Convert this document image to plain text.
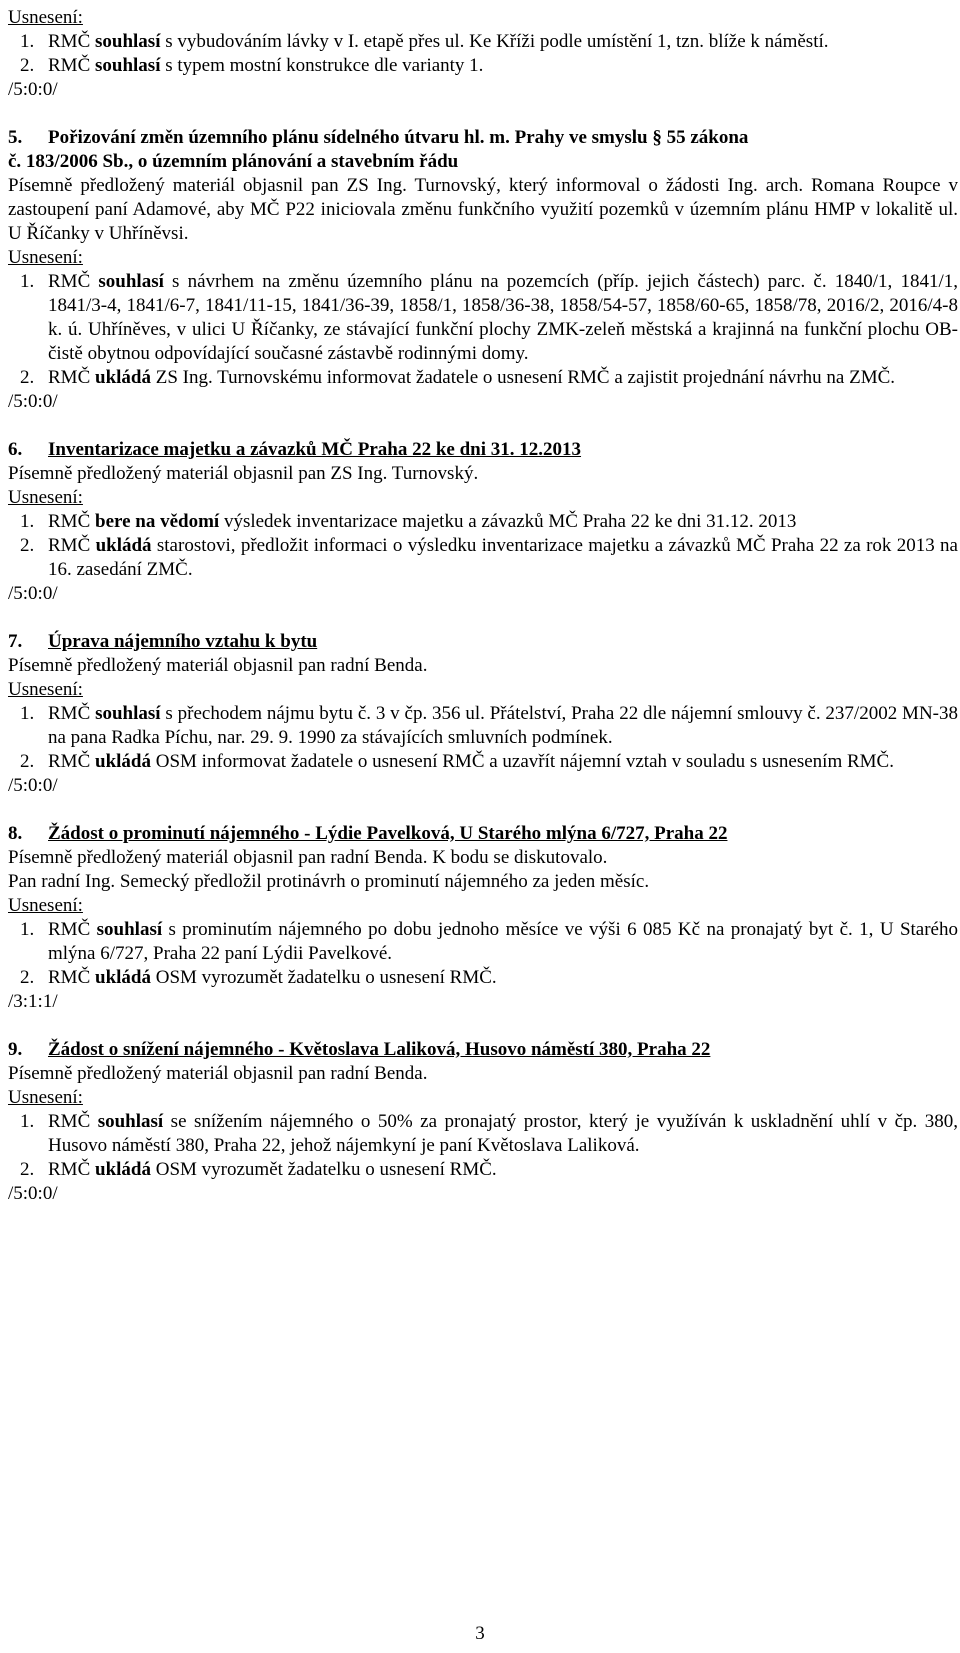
Usnesení:
1. RMČ souhlasí s vybudováním lávky v I. etapě přes ul. Ke Kříži podle umístění 1, tzn. blíže k náměstí.
2. RMČ souhlasí s typem mostní konstrukce dle varianty 1.
/5:0:0/
5.	Pořizování změn územního plánu sídelného útvaru hl. m. Prahy ve smyslu § 55 zákona
č. 183/2006 Sb., o územním plánování a stavebním řádu
Písemně předložený materiál objasnil pan ZS Ing. Turnovský, který informoval o žádosti Ing. arch. Romana Roupce v zastoupení paní Adamové, aby MČ P22 iniciovala změnu funkčního využití pozemků v územním plánu HMP v lokalitě ul. U Říčanky v Uhříněvsi.
Usnesení:
1. RMČ souhlasí s návrhem na změnu územního plánu na pozemcích (příp. jejich částech) parc. č. 1840/1, 1841/1, 1841/3-4, 1841/6-7, 1841/11-15, 1841/36-39, 1858/1, 1858/36-38, 1858/54-57, 1858/60-65, 1858/78, 2016/2, 2016/4-8 k. ú. Uhříněves, v ulici U Říčanky, ze stávající funkční plochy ZMK-zeleň městská a krajinná na funkční plochu OB-čistě obytnou odpovídající současné zástavbě rodinnými domy.
2. RMČ ukládá ZS Ing. Turnovskému informovat žadatele o usnesení RMČ a zajistit projednání návrhu na ZMČ.
/5:0:0/
6.	Inventarizace majetku a závazků MČ Praha 22 ke dni 31. 12.2013
Písemně předložený materiál objasnil pan ZS Ing. Turnovský.
Usnesení:
1. RMČ bere na vědomí výsledek inventarizace majetku a závazků MČ Praha 22 ke dni 31.12. 2013
2. RMČ ukládá starostovi, předložit informaci o výsledku inventarizace majetku a závazků MČ Praha 22 za rok 2013 na 16. zasedání ZMČ.
/5:0:0/
7.	Úprava nájemního vztahu k bytu
Písemně předložený materiál objasnil pan radní Benda.
Usnesení:
1. RMČ souhlasí s přechodem nájmu bytu č. 3 v čp. 356 ul. Přátelství, Praha 22 dle nájemní smlouvy č. 237/2002 MN-38 na pana Radka Píchu, nar. 29. 9. 1990 za stávajících smluvních podmínek.
2. RMČ ukládá OSM informovat žadatele o usnesení RMČ a uzavřít nájemní vztah v souladu s usnesením RMČ.
/5:0:0/
8.	Žádost o prominutí nájemného - Lýdie Pavelková, U Starého mlýna 6/727, Praha 22
Písemně předložený materiál objasnil pan radní Benda. K bodu se diskutovalo.
Pan radní Ing. Semecký předložil protinávrh o prominutí nájemného za jeden měsíc.
Usnesení:
1. RMČ souhlasí s prominutím nájemného po dobu jednoho měsíce ve výši 6 085 Kč na pronajatý byt č. 1, U Starého mlýna 6/727, Praha 22 paní Lýdii Pavelkové.
2. RMČ ukládá OSM vyrozumět žadatelku o usnesení RMČ.
/3:1:1/
9.	Žádost o snížení nájemného - Květoslava Laliková, Husovo náměstí 380, Praha 22
Písemně předložený materiál objasnil pan radní Benda.
Usnesení:
1. RMČ souhlasí se snížením nájemného o 50% za pronajatý prostor, který je využíván k uskladnění uhlí v čp. 380, Husovo náměstí 380, Praha 22, jehož nájemkyní je paní Květoslava Laliková.
2. RMČ ukládá OSM vyrozumět žadatelku o usnesení RMČ.
/5:0:0/
3
